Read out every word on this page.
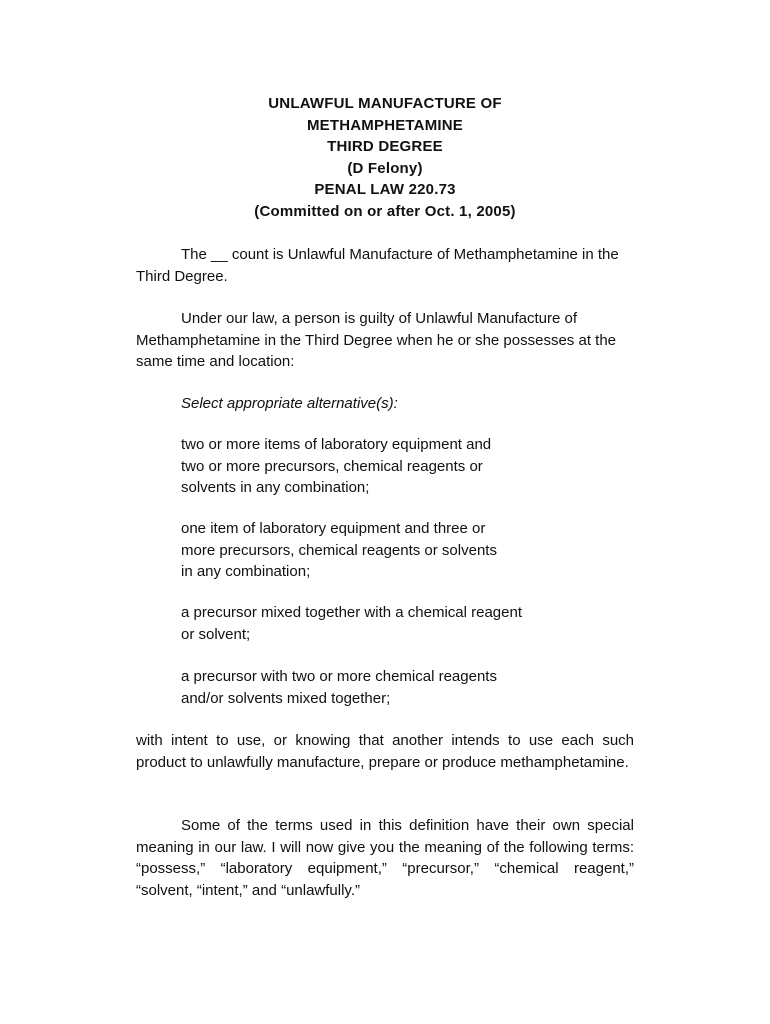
UNLAWFUL MANUFACTURE OF
METHAMPHETAMINE
THIRD DEGREE
(D Felony)
PENAL LAW 220.73
(Committed on or after Oct. 1, 2005)

The __ count is Unlawful Manufacture of Methamphetamine in the Third Degree.

Under our law, a person is guilty of Unlawful Manufacture of Methamphetamine in the Third Degree when he or she possesses at the same time and location:

Select appropriate alternative(s):

two or more items of laboratory equipment and
two or more precursors, chemical reagents or
solvents in any combination;
one item of laboratory equipment and three or
more precursors, chemical reagents or solvents
in any combination;
a precursor mixed together with a chemical reagent
or solvent;
a precursor with two or more chemical reagents
and/or solvents mixed together;

with intent to use, or knowing that another intends to use each such product to unlawfully manufacture, prepare or produce methamphetamine.

Some of the terms used in this definition have their own special meaning in our law. I will now give you the meaning of the following terms: “possess,” “laboratory equipment,” “precursor,” “chemical reagent,” “solvent, “intent,” and “unlawfully.”
